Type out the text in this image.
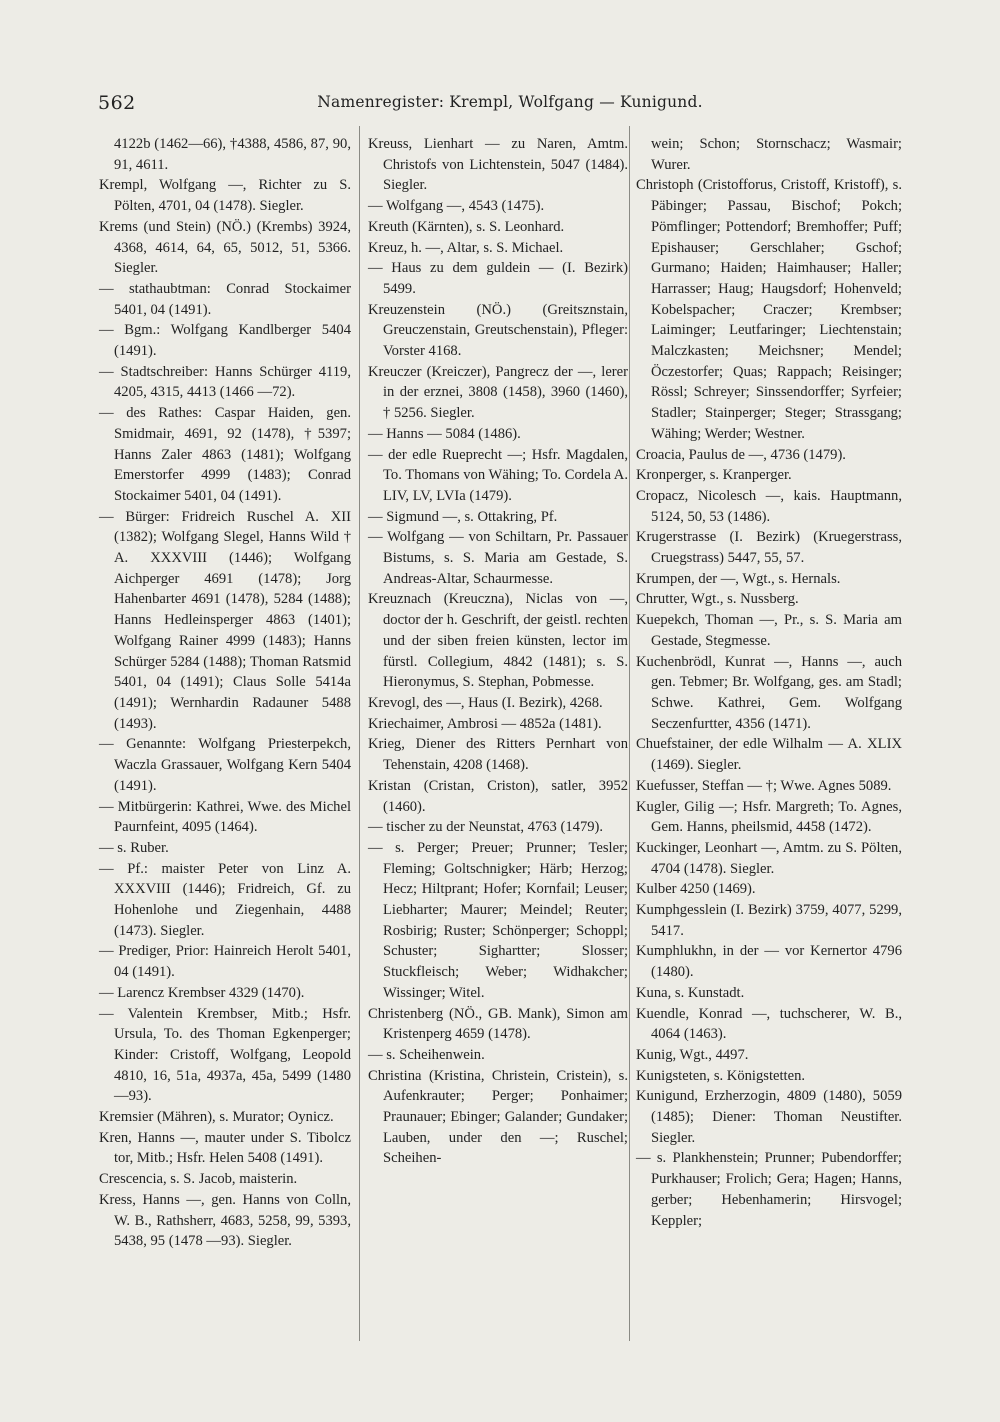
562	Namenregister: Krempl, Wolfgang — Kunigund.

4122b (1462—66), †4388, 4586, 87, 90, 91, 4611.

Krempl, Wolfgang —, Richter zu S. Pölten, 4701, 04 (1478). Siegler.

Krems (und Stein) (NÖ.) (Krembs) 3924, 4368, 4614, 64, 65, 5012, 51, 5366. Siegler.

— stathaubtman: Conrad Stockaimer 5401, 04 (1491).

— Bgm.: Wolfgang Kandlberger 5404 (1491).

— Stadtschreiber: Hanns Schürger 4119, 4205, 4315, 4413 (1466 —72).

— des Rathes: Caspar Haiden, gen. Smidmair, 4691, 92 (1478), †5397; Hanns Zaler 4863 (1481); Wolfgang Emerstorfer 4999 (1483); Conrad Stockaimer 5401, 04 (1491).

— Bürger: Fridreich Ruschel A. XII (1382); Wolfgang Slegel, Hanns Wild † A. XXXVIII (1446); Wolfgang Aichperger 4691 (1478); Jorg Hahenbarter 4691 (1478), 5284 (1488); Hanns Hedleinsperger 4863 (1401); Wolfgang Rainer 4999 (1483); Hanns Schürger 5284 (1488); Thoman Ratsmid 5401, 04 (1491); Claus Solle 5414a (1491); Wernhardin Radauner 5488 (1493).

— Genannte: Wolfgang Priesterpekch, Waczla Grassauer, Wolfgang Kern 5404 (1491).

— Mitbürgerin: Kathrei, Wwe. des Michel Paurnfeint, 4095 (1464).

— s. Ruber.

— Pf.: maister Peter von Linz A. XXXVIII (1446); Fridreich, Gf. zu Hohenlohe und Ziegenhain, 4488 (1473). Siegler.

— Prediger, Prior: Hainreich Herolt 5401, 04 (1491).

— Larencz Krembser 4329 (1470).

— Valentein Krembser, Mitb.; Hsfr. Ursula, To. des Thoman Egkenperger; Kinder: Cristoff, Wolfgang, Leopold 4810, 16, 51a, 4937a, 45a, 5499 (1480—93).

Kremsier (Mähren), s. Murator; Oynicz.

Kren, Hanns —, mauter under S. Tibolcz tor, Mitb.; Hsfr. Helen 5408 (1491).

Crescencia, s. S. Jacob, maisterin.

Kress, Hanns —, gen. Hanns von Colln, W. B., Rathsherr, 4683, 5258, 99, 5393, 5438, 95 (1478 —93). Siegler.

Kreuss, Lienhart — zu Naren, Amtm. Christofs von Lichtenstein, 5047 (1484). Siegler.

— Wolfgang —, 4543 (1475).

Kreuth (Kärnten), s. S. Leonhard.

Kreuz, h. —, Altar, s. S. Michael.

— Haus zu dem guldein — (I. Bezirk) 5499.

Kreuzenstein (NÖ.) (Greitsznstain, Greuczenstain, Greutschenstain), Pfleger: Vorster 4168.

Kreuczer (Kreiczer), Pangrecz der —, lerer in der erznei, 3808 (1458), 3960 (1460), † 5256. Siegler.

— Hanns — 5084 (1486).

— der edle Rueprecht —; Hsfr. Magdalen, To. Thomans von Wähing; To. Cordela A. LIV, LV, LVIa (1479).

— Sigmund —, s. Ottakring, Pf.

— Wolfgang — von Schiltarn, Pr. Passauer Bistums, s. S. Maria am Gestade, S. Andreas-Altar, Schaurmesse.

Kreuznach (Kreuczna), Niclas von —, doctor der h. Geschrift, der geistl. rechten und der siben freien künsten, lector im fürstl. Collegium, 4842 (1481); s. S. Hieronymus, S. Stephan, Pobmesse.

Krevogl, des —, Haus (I. Bezirk), 4268.

Kriechaimer, Ambrosi — 4852a (1481).

Krieg, Diener des Ritters Pernhart von Tehenstain, 4208 (1468).

Kristan (Cristan, Criston), satler, 3952 (1460).

— tischer zu der Neunstat, 4763 (1479).

— s. Perger; Preuer; Prunner; Tesler; Fleming; Goltschnigker; Härb; Herzog; Hecz; Hiltprant; Hofer; Kornfail; Leuser; Liebharter; Maurer; Meindel; Reuter; Rosbirig; Ruster; Schönperger; Schoppl; Schuster; Sighartter; Slosser; Stuckfleisch; Weber; Widhakcher; Wissinger; Witel.

Christenberg (NÖ., GB. Mank), Simon am Kristenperg 4659 (1478).

— s. Scheihenwein.

Christina (Kristina, Christein, Cristein), s. Aufenkrauter; Perger; Ponhaimer; Praunauer; Ebinger; Galander; Gundaker; Lauben, under den —; Ruschel; Scheihen-

wein; Schon; Stornschacz; Wasmair; Wurer.

Christoph (Cristofforus, Cristoff, Kristoff), s. Päbinger; Passau, Bischof; Pokch; Pömflinger; Pottendorf; Bremhoffer; Puff; Epishauser; Gerschlaher; Gschof; Gurmano; Haiden; Haimhauser; Haller; Harrasser; Haug; Haugsdorf; Hohenveld; Kobelspacher; Craczer; Krembser; Laiminger; Leutfaringer; Liechtenstain; Malczkasten; Meichsner; Mendel; Öczestorfer; Quas; Rappach; Reisinger; Rössl; Schreyer; Sinssendorffer; Syrfeier; Stadler; Stainperger; Steger; Strassgang; Wähing; Werder; Westner.

Croacia, Paulus de —, 4736 (1479).

Kronperger, s. Kranperger.

Cropacz, Nicolesch —, kais. Hauptmann, 5124, 50, 53 (1486).

Krugerstrasse (I. Bezirk) (Kruegerstrass, Cruegstrass) 5447, 55, 57.

Krumpen, der —, Wgt., s. Hernals.

Chrutter, Wgt., s. Nussberg.

Kuepekch, Thoman —, Pr., s. S. Maria am Gestade, Stegmesse.

Kuchenbrödl, Kunrat —, Hanns —, auch gen. Tebmer; Br. Wolfgang, ges. am Stadl; Schwe. Kathrei, Gem. Wolfgang Seczenfurtter, 4356 (1471).

Chuefstainer, der edle Wilhalm — A. XLIX (1469). Siegler.

Kuefusser, Steffan — †; Wwe. Agnes 5089.

Kugler, Gilig —; Hsfr. Margreth; To. Agnes, Gem. Hanns, pheilsmid, 4458 (1472).

Kuckinger, Leonhart —, Amtm. zu S. Pölten, 4704 (1478). Siegler.

Kulber 4250 (1469).

Kumphgesslein (I. Bezirk) 3759, 4077, 5299, 5417.

Kumphlukhn, in der — vor Kernertor 4796 (1480).

Kuna, s. Kunstadt.

Kuendle, Konrad —, tuchscherer, W. B., 4064 (1463).

Kunig, Wgt., 4497.

Kunigsteten, s. Königstetten.

Kunigund, Erzherzogin, 4809 (1480), 5059 (1485); Diener: Thoman Neustifter. Siegler.

— s. Plankhenstein; Prunner; Pubendorffer; Purkhauser; Frolich; Gera; Hagen; Hanns, gerber; Hebenhamerin; Hirsvogel; Keppler;
